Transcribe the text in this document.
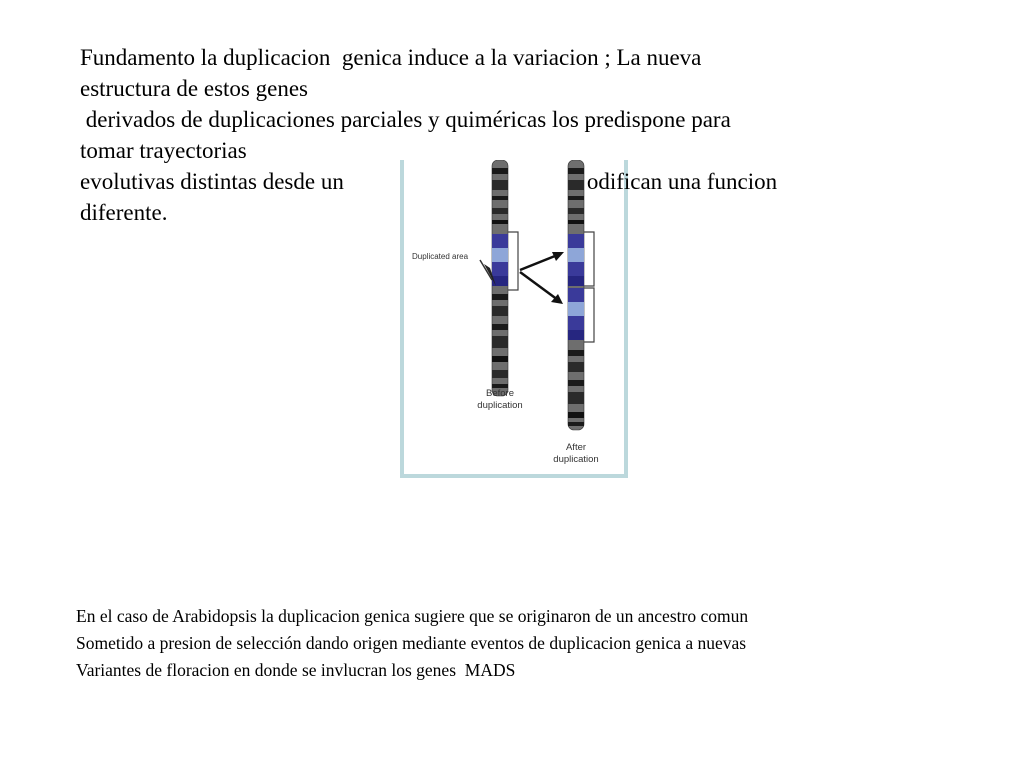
Duplicated area
Before
duplication
After
duplication
Fundamento la duplicacion  genica induce a la variacion ; La nueva
estructura de estos genes
derivados de duplicaciones parciales y quiméricas los predispone para
tomar trayectorias
evolutivas distintas desde un	odifican una funcion
diferente.
En el caso de Arabidopsis la duplicacion genica sugiere que se originaron de un ancestro comun
Sometido a presion de selección dando origen mediante eventos de duplicacion genica a nuevas
Variantes de floracion en donde se invlucran los genes  MADS
